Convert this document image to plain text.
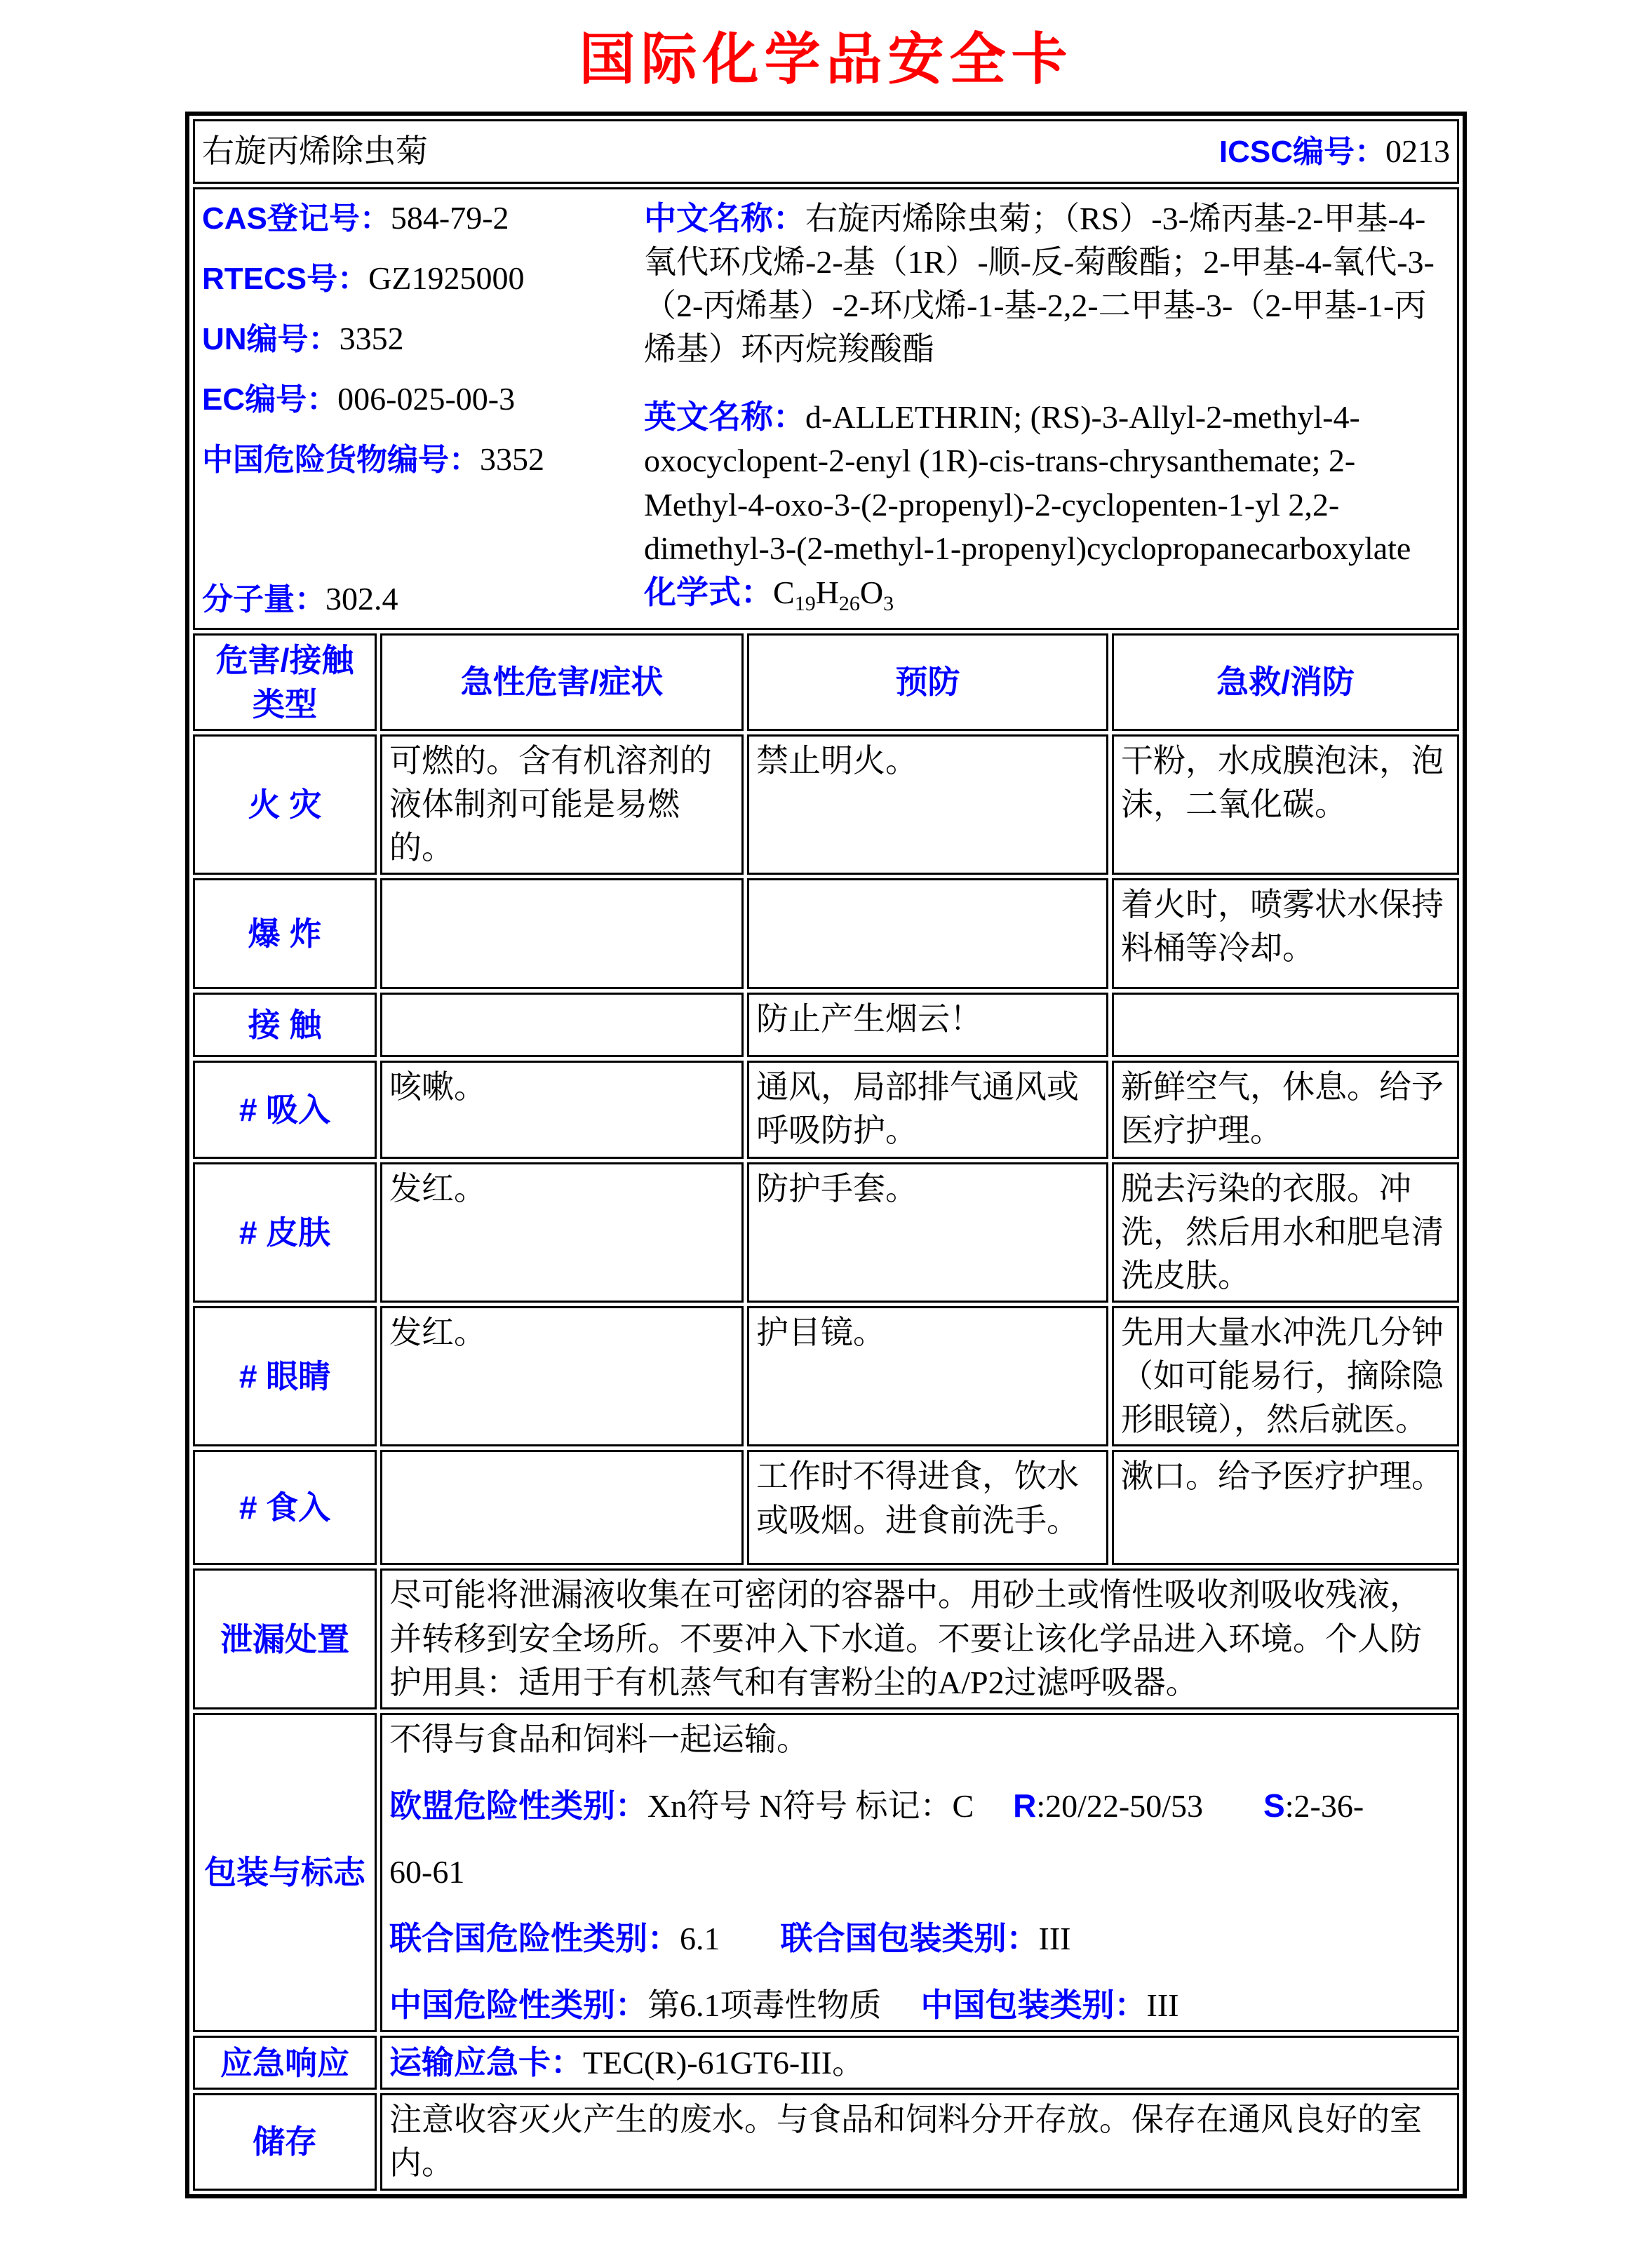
国际化学品安全卡
右旋丙烯除虫菊 ICSC编号：0213			

CAS登记号：584-79-2
RTECS号：GZ1925000
UN编号：3352
EC编号：006-025-00-3
中国危险货物编号：3352
分子量：302.4
中文名称：右旋丙烯除虫菊；（RS）-3-烯丙基-2-甲基-4-氧代环戊烯-2-基（1R）-顺-反-菊酸酯；2-甲基-4-氧代-3-（2-丙烯基）-2-环戊烯-1-基-2,2-二甲基-3-（2-甲基-1-丙烯基）环丙烷羧酸酯
英文名称：d-ALLETHRIN; (RS)-3-Allyl-2-methyl-4-oxocyclopent-2-enyl (1R)-cis-trans-chrysanthemate; 2-Methyl-4-oxo-3-(2-propenyl)-2-cyclopenten-1-yl 2,2-dimethyl-3-(2-methyl-1-propenyl)cyclopropanecarboxylate
化学式：$C_{19}H_{26}O_3$

危害/接触
类型	急性危害/症状	预防	急救/消防
火 灾	可燃的。含有机溶剂的液体制剂可能是易燃的。	禁止明火。	干粉，水成膜泡沫，泡沫，二氧化碳。
爆 炸			着火时，喷雾状水保持料桶等冷却。
接 触		防止产生烟云！	
# 吸入	咳嗽。	通风，局部排气通风或呼吸防护。	新鲜空气，休息。给予医疗护理。
# 皮肤	发红。	防护手套。	脱去污染的衣服。冲洗，然后用水和肥皂清洗皮肤。
# 眼睛	发红。	护目镜。	先用大量水冲洗几分钟（如可能易行，摘除隐形眼镜），然后就医。
# 食入		工作时不得进食，饮水或吸烟。进食前洗手。	漱口。给予医疗护理。
泄漏处置	尽可能将泄漏液收集在可密闭的容器中。用砂土或惰性吸收剂吸收残液，并转移到安全场所。不要冲入下水道。不要让该化学品进入环境。个人防护用具：适用于有机蒸气和有害粉尘的A/P2过滤呼吸器。		
包装与标志	不得与食品和饲料一起运输。
欧盟危险性类别：Xn符号 N符号 标记：C R:20/22-50/53 S:2-36-
60-61
联合国危险性类别：6.1 联合国包装类别：III
中国危险性类别：第6.1项毒性物质 中国包装类别：III		

应急响应	运输应急卡：TEC(R)-61GT6-III。		
储存	注意收容灭火产生的废水。与食品和饲料分开存放。保存在通风良好的室内。		
